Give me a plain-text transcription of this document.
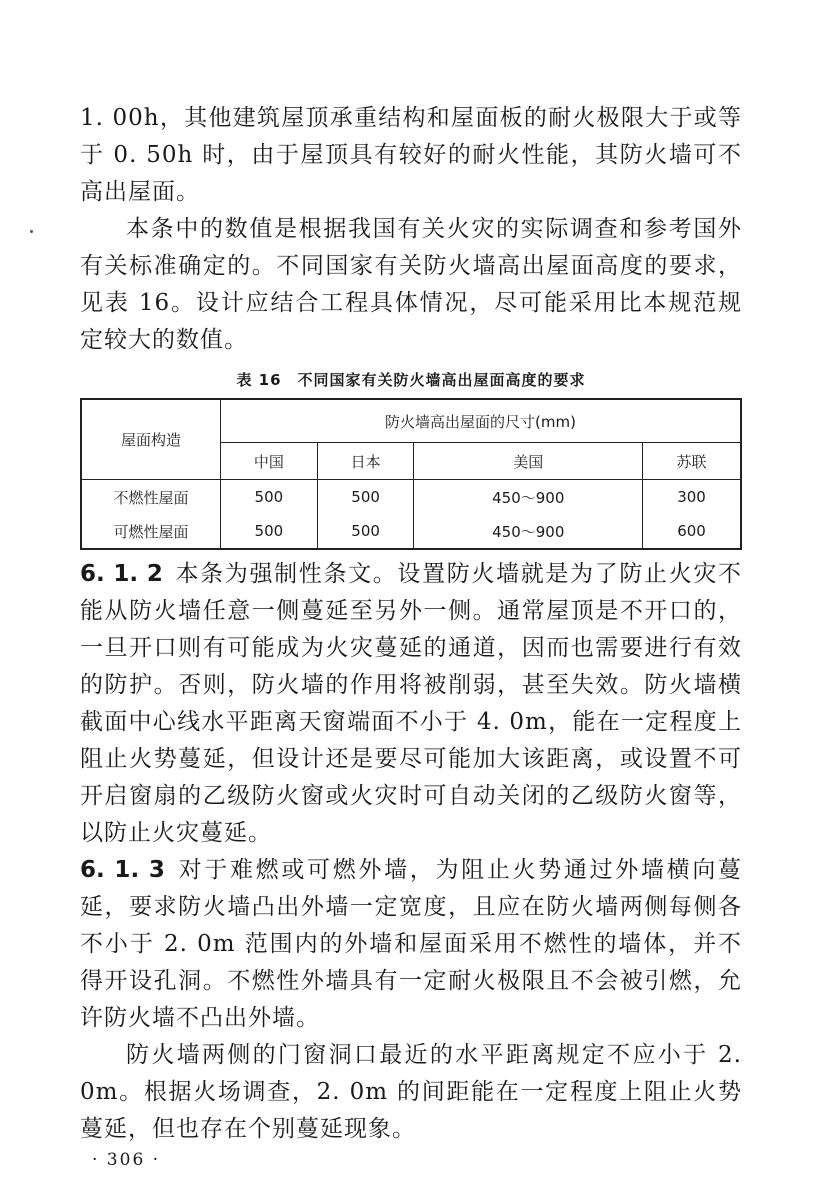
1. 00h，其他建筑屋顶承重结构和屋面板的耐火极限大于或等于 0. 50h 时，由于屋顶具有较好的耐火性能，其防火墙可不高出屋面。

本条中的数值是根据我国有关火灾的实际调查和参考国外有关标准确定的。不同国家有关防火墙高出屋面高度的要求，见表 16。设计应结合工程具体情况，尽可能采用比本规范规定较大的数值。

表 16　不同国家有关防火墙高出屋面高度的要求
屋面构造	防火墙高出屋面的尺寸(mm)			
	中国	日本	美国	苏联
不燃性屋面	500	500	450～900	300
可燃性屋面	500	500	450～900	600

6. 1. 2 本条为强制性条文。设置防火墙就是为了防止火灾不能从防火墙任意一侧蔓延至另外一侧。通常屋顶是不开口的，一旦开口则有可能成为火灾蔓延的通道，因而也需要进行有效的防护。否则，防火墙的作用将被削弱，甚至失效。防火墙横截面中心线水平距离天窗端面不小于 4. 0m，能在一定程度上阻止火势蔓延，但设计还是要尽可能加大该距离，或设置不可开启窗扇的乙级防火窗或火灾时可自动关闭的乙级防火窗等，以防止火灾蔓延。

6. 1. 3 对于难燃或可燃外墙，为阻止火势通过外墙横向蔓延，要求防火墙凸出外墙一定宽度，且应在防火墙两侧每侧各不小于 2. 0m 范围内的外墙和屋面采用不燃性的墙体，并不得开设孔洞。不燃性外墙具有一定耐火极限且不会被引燃，允许防火墙不凸出外墙。

防火墙两侧的门窗洞口最近的水平距离规定不应小于 2. 0m。根据火场调查，2. 0m 的间距能在一定程度上阻止火势蔓延，但也存在个别蔓延现象。

· 306 ·
